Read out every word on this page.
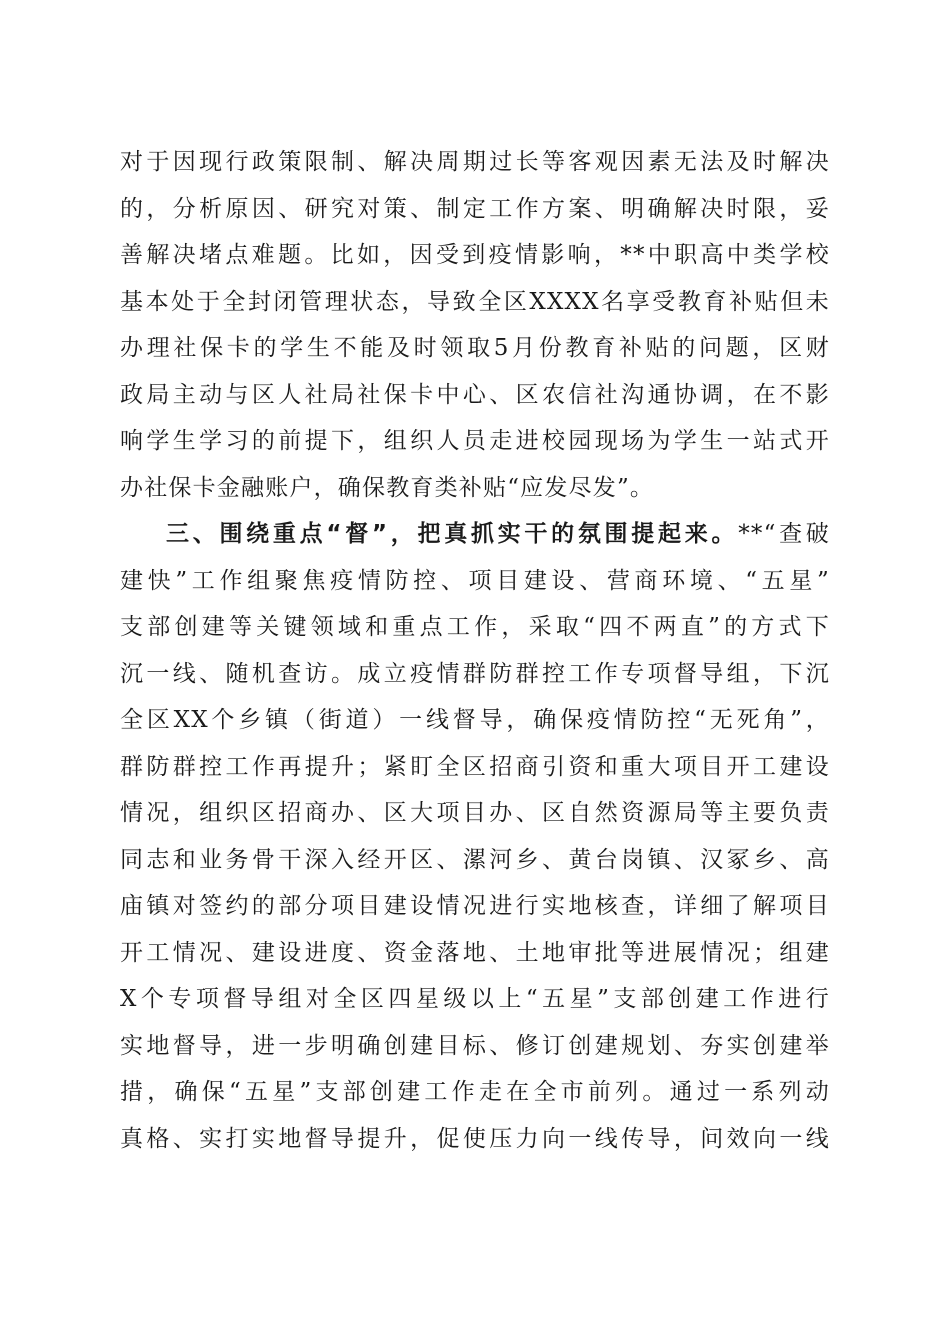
对于因现行政策限制、解决周期过长等客观因素无法及时解决
的，分析原因、研究对策、制定工作方案、明确解决时限，妥
善解决堵点难题。比如，因受到疫情影响，**中职高中类学校
基本处于全封闭管理状态，导致全区XXXX名享受教育补贴但未
办理社保卡的学生不能及时领取5月份教育补贴的问题，区财
政局主动与区人社局社保卡中心、区农信社沟通协调，在不影
响学生学习的前提下，组织人员走进校园现场为学生一站式开
办社保卡金融账户，确保教育类补贴“应发尽发”。
三、围绕重点“督”，把真抓实干的氛围提起来。**“查破
建快”工作组聚焦疫情防控、项目建设、营商环境、“五星”
支部创建等关键领域和重点工作，采取“四不两直”的方式下
沉一线、随机查访。成立疫情群防群控工作专项督导组，下沉
全区XX个乡镇（街道）一线督导，确保疫情防控“无死角”，
群防群控工作再提升；紧盯全区招商引资和重大项目开工建设
情况，组织区招商办、区大项目办、区自然资源局等主要负责
同志和业务骨干深入经开区、漯河乡、黄台岗镇、汉冢乡、高
庙镇对签约的部分项目建设情况进行实地核查，详细了解项目
开工情况、建设进度、资金落地、土地审批等进展情况；组建
X个专项督导组对全区四星级以上“五星”支部创建工作进行
实地督导，进一步明确创建目标、修订创建规划、夯实创建举
措，确保“五星”支部创建工作走在全市前列。通过一系列动
真格、实打实地督导提升，促使压力向一线传导，问效向一线
